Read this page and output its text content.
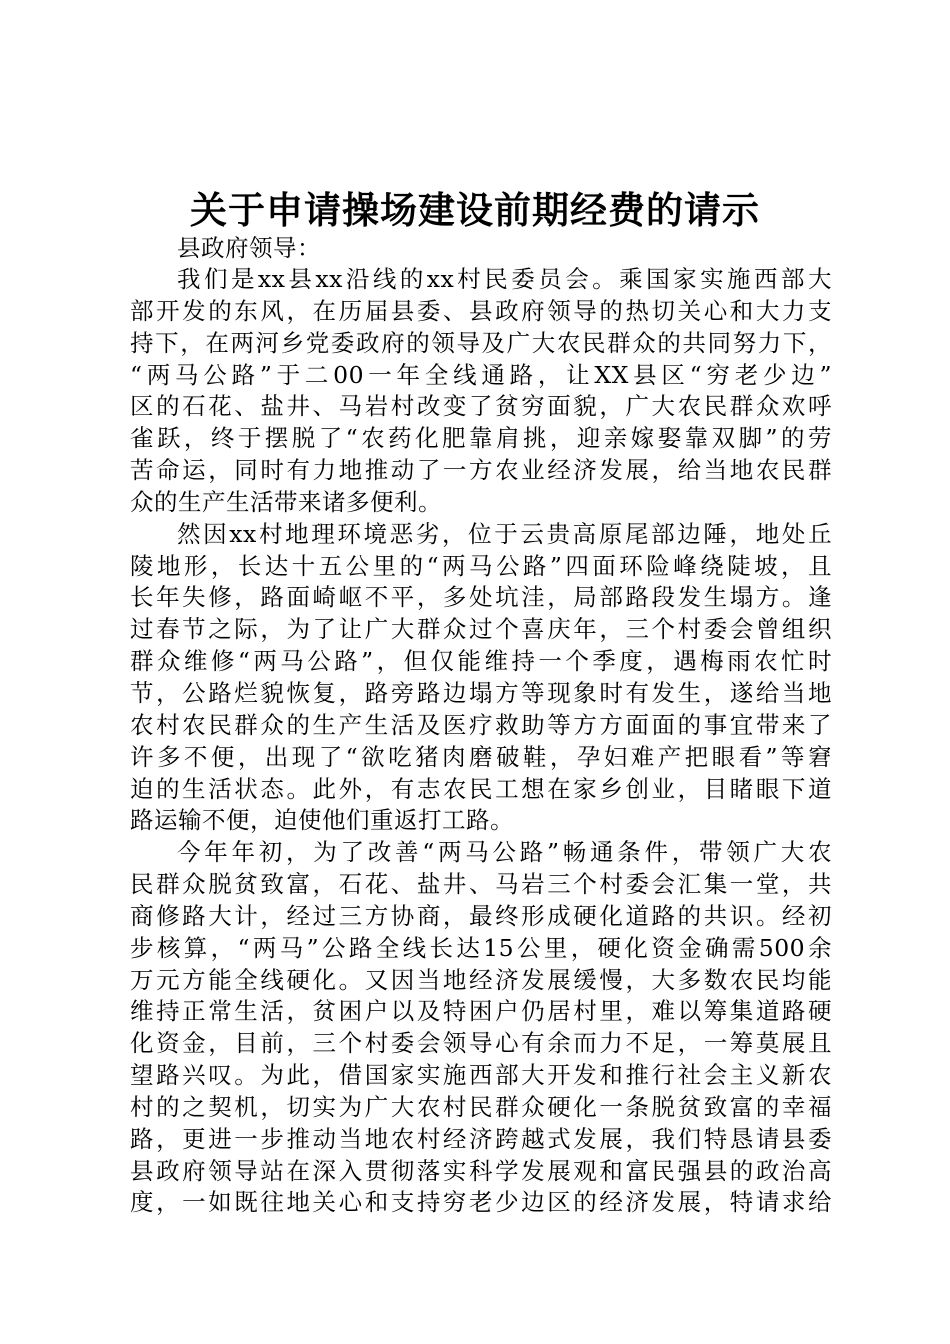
关于申请操场建设前期经费的请示

县政府领导：

我们是xx县xx沿线的xx村民委员会。乘国家实施西部大
部开发的东风，在历届县委、县政府领导的热切关心和大力支
持下，在两河乡党委政府的领导及广大农民群众的共同努力下，
“两马公路”于二00一年全线通路，让XX县区“穷老少边”
区的石花、盐井、马岩村改变了贫穷面貌，广大农民群众欢呼
雀跃，终于摆脱了“农药化肥靠肩挑，迎亲嫁娶靠双脚”的劳
苦命运，同时有力地推动了一方农业经济发展，给当地农民群
众的生产生活带来诸多便利。

然因xx村地理环境恶劣，位于云贵高原尾部边陲，地处丘
陵地形，长达十五公里的“两马公路”四面环险峰绕陡坡，且
长年失修，路面崎岖不平，多处坑洼，局部路段发生塌方。逢
过春节之际，为了让广大群众过个喜庆年，三个村委会曾组织
群众维修“两马公路”，但仅能维持一个季度，遇梅雨农忙时
节，公路烂貌恢复，路旁路边塌方等现象时有发生，遂给当地
农村农民群众的生产生活及医疗救助等方方面面的事宜带来了
许多不便，出现了“欲吃猪肉磨破鞋，孕妇难产把眼看”等窘
迫的生活状态。此外，有志农民工想在家乡创业，目睹眼下道
路运输不便，迫使他们重返打工路。

今年年初，为了改善“两马公路”畅通条件，带领广大农
民群众脱贫致富，石花、盐井、马岩三个村委会汇集一堂，共
商修路大计，经过三方协商，最终形成硬化道路的共识。经初
步核算，“两马”公路全线长达15公里，硬化资金确需500余
万元方能全线硬化。又因当地经济发展缓慢，大多数农民均能
维持正常生活，贫困户以及特困户仍居村里，难以筹集道路硬
化资金，目前，三个村委会领导心有余而力不足，一筹莫展且
望路兴叹。为此，借国家实施西部大开发和推行社会主义新农
村的之契机，切实为广大农村民群众硬化一条脱贫致富的幸福
路，更进一步推动当地农村经济跨越式发展，我们特恳请县委
县政府领导站在深入贯彻落实科学发展观和富民强县的政治高
度，一如既往地关心和支持穷老少边区的经济发展，特请求给
